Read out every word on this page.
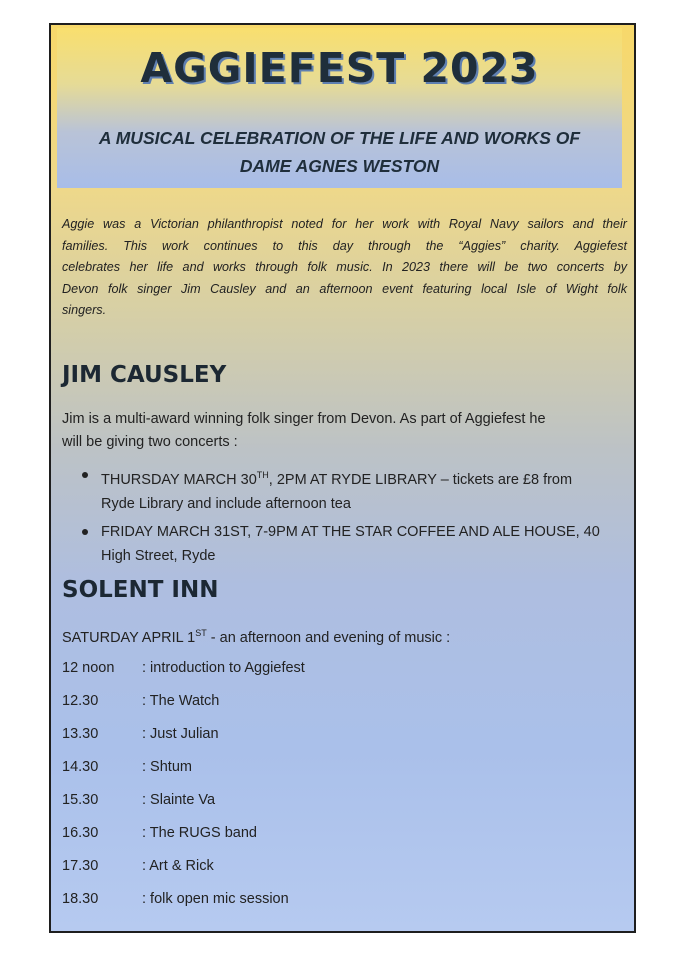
AGGIEFEST 2023
A MUSICAL CELEBRATION OF THE LIFE AND WORKS OF
DAME AGNES WESTON

Aggie was a Victorian philanthropist noted for her work with Royal Navy sailors and their
families. This work continues to this day through the “Aggies” charity. Aggiefest
celebrates her life and works through folk music. In 2023 there will be two concerts by
Devon folk singer Jim Causley and an afternoon event featuring local Isle of Wight folk
singers.

JIM CAUSLEY

Jim is a multi-award winning folk singer from Devon. As part of Aggiefest he
will be giving two concerts :

THURSDAY MARCH 30TH, 2PM AT RYDE LIBRARY – tickets are £8 from
Ryde Library and include afternoon tea
FRIDAY MARCH 31ST, 7-9PM AT THE STAR COFFEE AND ALE HOUSE, 40
High Street, Ryde
SOLENT INN

SATURDAY APRIL 1ST - an afternoon and evening of music :

12 noon : introduction to Aggiefest
12.30	: The Watch
13.30	: Just Julian
14.30	: Shtum
15.30	: Slainte Va
16.30	: The RUGS band
17.30	: Art & Rick
18.30	: folk open mic session
